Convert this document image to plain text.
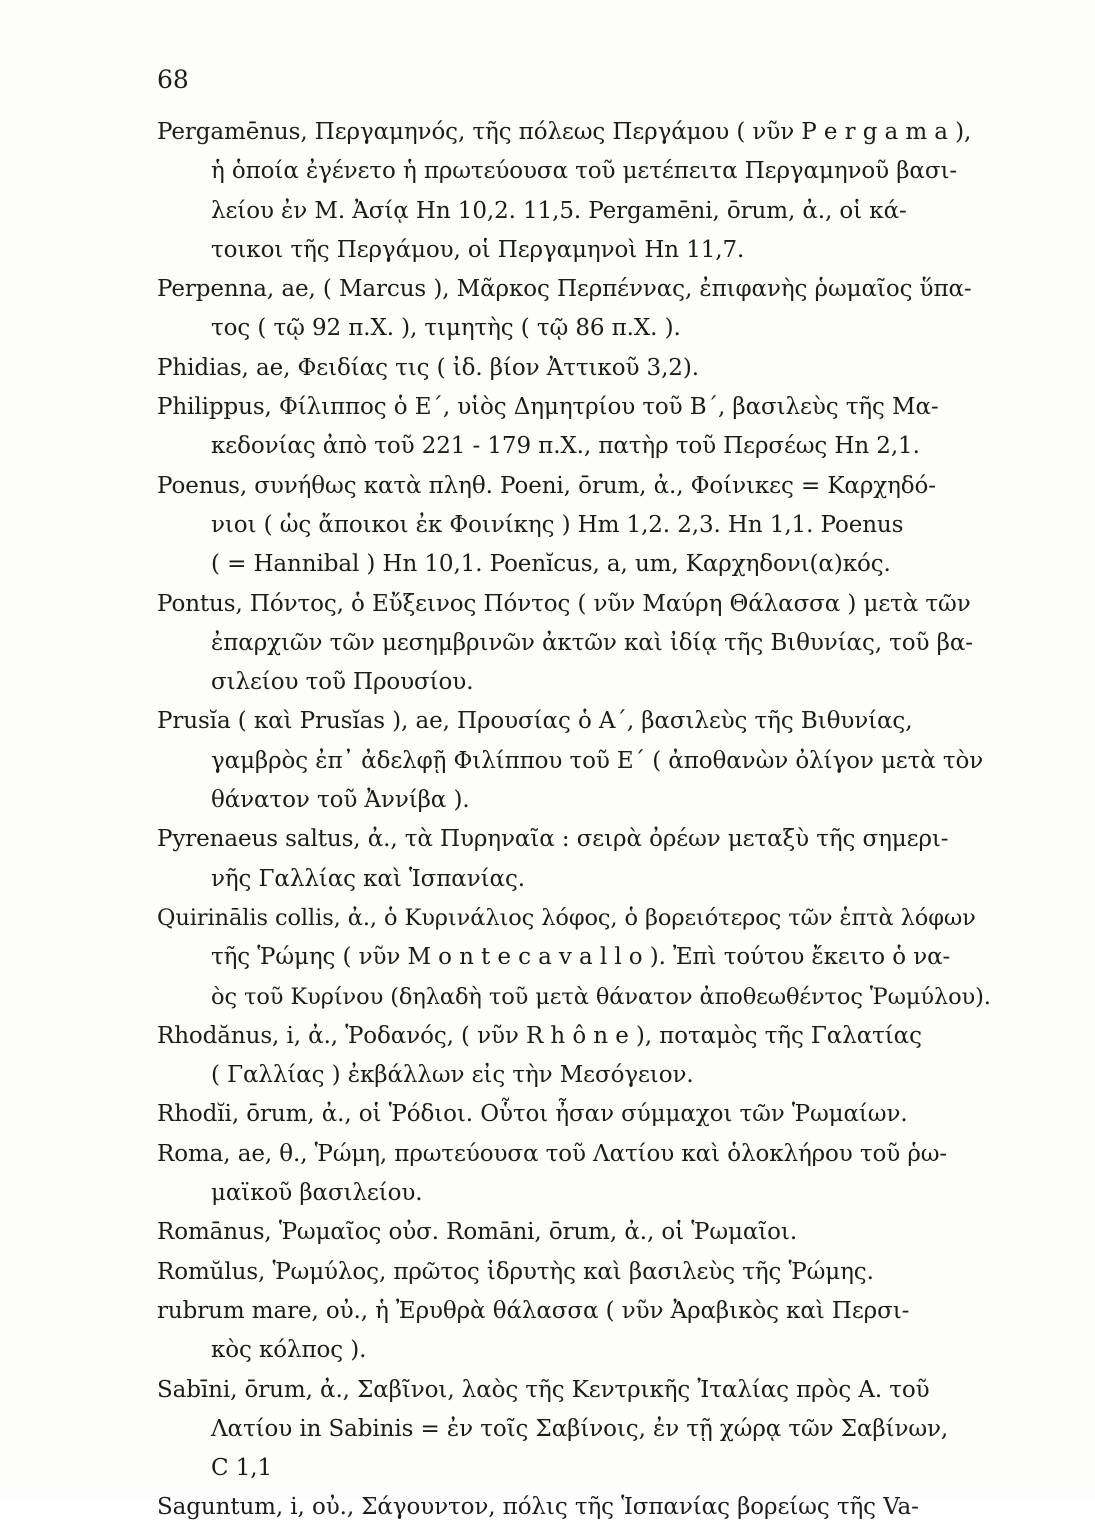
68
Pergamēnus, Περγαμηνός, τῆς πόλεως Περγάμου ( νῦν P e r g a m a ),
ἡ ὁποία ἐγένετο ἡ πρωτεύουσα τοῦ μετέπειτα Περγαμηνοῦ βασι-
λείου ἐν M. Ἀσίᾳ Hn 10,2. 11,5. Pergamēni, ōrum, ἀ., οἱ κά-
τοικοι τῆς Περγάμου, οἱ Περγαμηνοὶ Hn 11,7.
Perpenna, ae, ( Marcus ), Μᾶρκος Περπέννας, ἐπιφανὴς ῥωμαῖος ὕπα-
τος ( τῷ 92 π.X. ), τιμητὴς ( τῷ 86 π.X. ).
Phidias, ae, Φειδίας τις ( ἰδ. βίον Ἀττικοῦ 3,2).
Philippus, Φίλιππος ὁ Ε΄, υἱὸς Δημητρίου τοῦ Β΄, βασιλεὺς τῆς Μα-
κεδονίας ἀπὸ τοῦ 221 - 179 π.X., πατὴρ τοῦ Περσέως Hn 2,1.
Poenus, συνήθως κατὰ πληθ. Poeni, ōrum, ἀ., Φοίνικες = Καρχηδό-
νιοι ( ὡς ἄποικοι ἐκ Φοινίκης ) Hm 1,2. 2,3. Hn 1,1. Poenus
( = Hannibal ) Hn 10,1. Poenĭcus, a, um, Καρχηδονι(α)κός.
Pontus, Πόντος, ὁ Εὔξεινος Πόντος ( νῦν Μαύρη Θάλασσα ) μετὰ τῶν
ἐπαρχιῶν τῶν μεσημβρινῶν ἀκτῶν καὶ ἰδίᾳ τῆς Βιθυνίας, τοῦ βα-
σιλείου τοῦ Προυσίου.
Prusĭa ( καὶ Prusĭas ), ae, Προυσίας ὁ Α΄, βασιλεὺς τῆς Βιθυνίας,
γαμβρὸς ἐπ᾽ ἀδελφῇ Φιλίππου τοῦ Ε΄ ( ἀποθανὼν ὀλίγον μετὰ τὸν
θάνατον τοῦ Ἀννίβα ).
Pyrenaeus saltus, ἀ., τὰ Πυρηναῖα : σειρὰ ὀρέων μεταξὺ τῆς σημερι-
νῆς Γαλλίας καὶ Ἱσπανίας.
Quirinālis collis, ἀ., ὁ Κυρινάλιος λόφος, ὁ βορειότερος τῶν ἑπτὰ λόφων
τῆς Ῥώμης ( νῦν M o n t e c a v a l l o ). Ἐπὶ τούτου ἔκειτο ὁ να-
ὸς τοῦ Κυρίνου (δηλαδὴ τοῦ μετὰ θάνατον ἀποθεωθέντος Ῥωμύλου).
Rhodănus, i, ἀ., Ῥοδανός, ( νῦν R h ô n e ), ποταμὸς τῆς Γαλατίας
( Γαλλίας ) ἐκβάλλων εἰς τὴν Μεσόγειον.
Rhodĭi, ōrum, ἀ., οἱ Ῥόδιοι. Οὗτοι ἦσαν σύμμαχοι τῶν Ῥωμαίων.
Roma, ae, θ., Ῥώμη, πρωτεύουσα τοῦ Λατίου καὶ ὁλοκλήρου τοῦ ῥω-
μαϊκοῦ βασιλείου.
Romānus, Ῥωμαῖος οὐσ. Romāni, ōrum, ἀ., οἱ Ῥωμαῖοι.
Romŭlus, Ῥωμύλος, πρῶτος ἱδρυτὴς καὶ βασιλεὺς τῆς Ῥώμης.
rubrum mare, οὐ., ἡ Ἐρυθρὰ θάλασσα ( νῦν Ἀραβικὸς καὶ Περσι-
κὸς κόλπος ).
Sabīni, ōrum, ἀ., Σαβῖνοι, λαὸς τῆς Κεντρικῆς Ἰταλίας πρὸς Α. τοῦ
Λατίου in Sabinis = ἐν τοῖς Σαβίνοις, ἐν τῇ χώρᾳ τῶν Σαβίνων,
C 1,1
Saguntum, i, οὐ., Σάγουντον, πόλις τῆς Ἱσπανίας βορείως τῆς Va-
